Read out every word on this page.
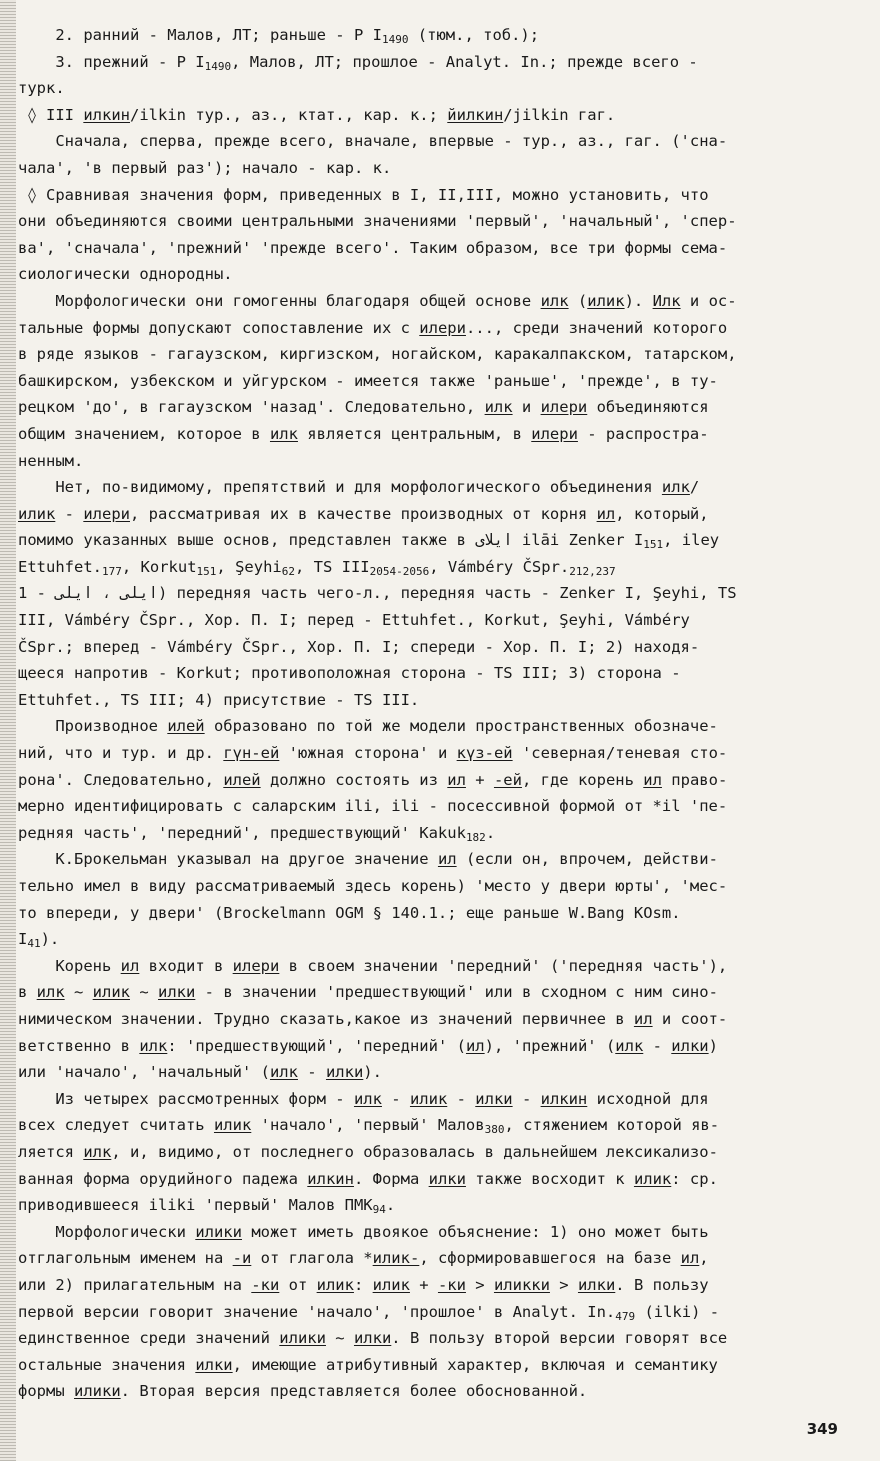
2. ранний - Малов, ЛТ; раньше - Р $I_{1490}$ (тюм., тоб.);
3. прежний - Р $I_{1490}$, Малов, ЛТ; прошлое - Analyt. In.; прежде всего -
турк.
◊ III илкин/ilkin тур., аз., ктат., кар. к.; йилкин/jilkin гаг.
Сначала, сперва, прежде всего, вначале, впервые - тур., аз., гаг. ('сна-
чала', 'в первый раз'); начало - кар. к.
◊ Сравнивая значения форм, приведенных в I, II,III, можно установить, что
они объединяются своими центральными значениями 'первый', 'начальный', 'спер-
ва', 'сначала', 'прежний' 'прежде всего'. Таким образом, все три формы сема-
сиологически однородны.
Морфологически они гомогенны благодаря общей основе илк (илик). Илк и ос-
тальные формы допускают сопоставление их с илери..., среди значений которого
в ряде языков - гагаузском, киргизском, ногайском, каракалпакском, татарском,
башкирском, узбекском и уйгурском - имеется также 'раньше', 'прежде', в ту-
рецком 'до', в гагаузском 'назад'. Следовательно, илк и илери объединяются
общим значением, которое в илк является центральным, в илери - распростра-
ненным.
Нет, по-видимому, препятствий и для морфологического объединения илк/
илик - илери, рассматривая их в качестве производных от корня ил, который,
помимо указанных выше основ, представлен также в ایلای ilāi Zenker $I_{151}$, iley
$Ettuhfet._{177}$, Korkut$_{151}$, Şeyhi$_{62}$, TS $III_{2054-2056}$, Vámbéry $ČSpr._{212,237}$
ایلی ، ایلی - 1) передняя часть чего-л., передняя часть - Zenker I, Şeyhi, TS
III, Vámbéry ČSpr., Хор. П. I; перед - Ettuhfet., Korkut, Şeyhi, Vámbéry
ČSpr.; вперед - Vámbéry ČSpr., Хор. П. I; спереди - Хор. П. I; 2) находя-
щееся напротив - Korkut; противоположная сторона - TS III; 3) сторона -
Ettuhfet., TS III; 4) присутствие - TS III.
Производное илей образовано по той же модели пространственных обозначе-
ний, что и тур. и др. гүн-ей 'южная сторона' и күз-ей 'северная/теневая сто-
рона'. Следовательно, илей должно состоять из ил + -ей, где корень ил право-
мерно идентифицировать с саларским ili, ili - посессивной формой от *il 'пе-
редняя часть', 'передний', предшествующий' Kakuk$_{182}$.
К.Брокельман указывал на другое значение ил (если он, впрочем, действи-
тельно имел в виду рассматриваемый здесь корень) 'место у двери юрты', 'мес-
то впереди, у двери' (Brockelmann OGM § 140.1.; еще раньше W.Bang KOsm.
$I_{41}$).
Корень ил входит в илери в своем значении 'передний' ('передняя часть'),
в илк ~ илик ~ илки - в значении 'предшествующий' или в сходном с ним сино-
нимическом значении. Трудно сказать,какое из значений первичнее в ил и соот-
ветственно в илк: 'предшествующий', 'передний' (ил), 'прежний' (илк - илки)
или 'начало', 'начальный' (илк - илки).
Из четырех рассмотренных форм - илк - илик - илки - илкин исходной для
всех следует считать илик 'начало', 'первый' Малов$_{380}$, стяжением которой яв-
ляется илк, и, видимо, от последнего образовалась в дальнейшем лексикализо-
ванная форма орудийного падежа илкин. Форма илки также восходит к илик: ср.
приводившееся iliki 'первый' Малов $ПМК_{94}$.
Морфологически илики может иметь двоякое объяснение: 1) оно может быть
отглагольным именем на -и от глагола *илик-, сформировавшегося на базе ил,
или 2) прилагательным на -ки от илик: илик + -ки > иликки > илки. В пользу
первой версии говорит значение 'начало', 'прошлое' в Analyt. $In._{479}$ (ilki) -
единственное среди значений илики ~ илки. В пользу второй версии говорят все
остальные значения илки, имеющие атрибутивный характер, включая и семантику
формы илики. Вторая версия представляется более обоснованной.
349
